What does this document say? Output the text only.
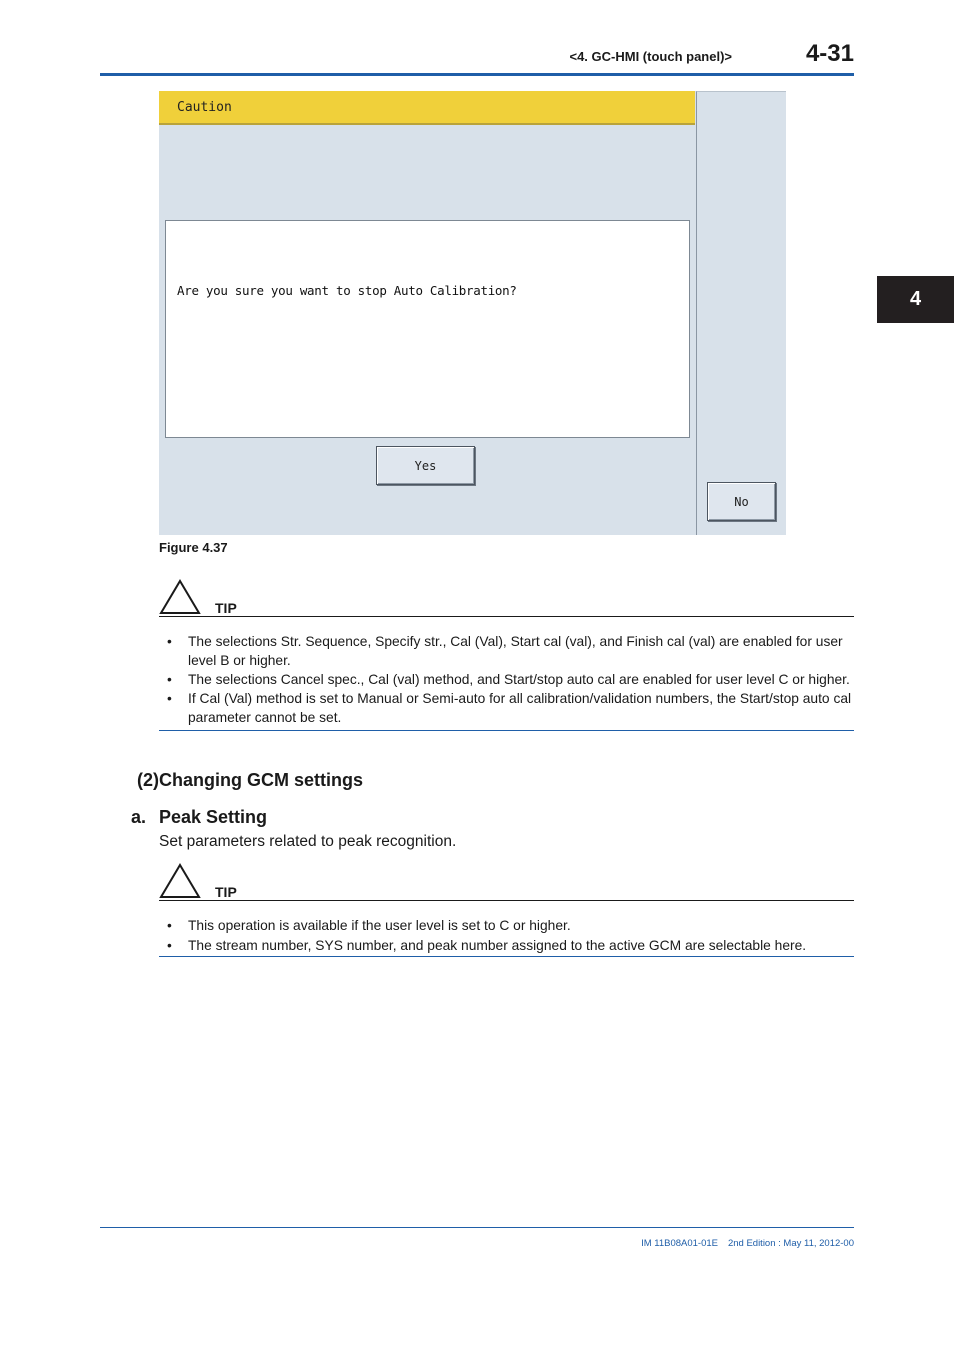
<4. GC-HMI (touch panel)>	4-31
4
Caution
Are you sure you want to stop Auto Calibration?
Yes
No
Figure 4.37
TIP
• The selections Str. Sequence, Specify str., Cal (Val), Start cal (val), and Finish cal (val) are enabled for user level B or higher.
• The selections Cancel spec., Cal (val) method, and Start/stop auto cal are enabled for user level C or higher.
• If Cal (Val) method is set to Manual or Semi-auto for all calibration/validation numbers, the Start/stop auto cal parameter cannot be set.
(2)Changing GCM settings
a. Peak Setting
Set parameters related to peak recognition.
TIP
• This operation is available if the user level is set to C or higher.
• The stream number, SYS number, and peak number assigned to the active GCM are selectable here.
IM 11B08A01-01E	2nd Edition : May 11, 2012-00
